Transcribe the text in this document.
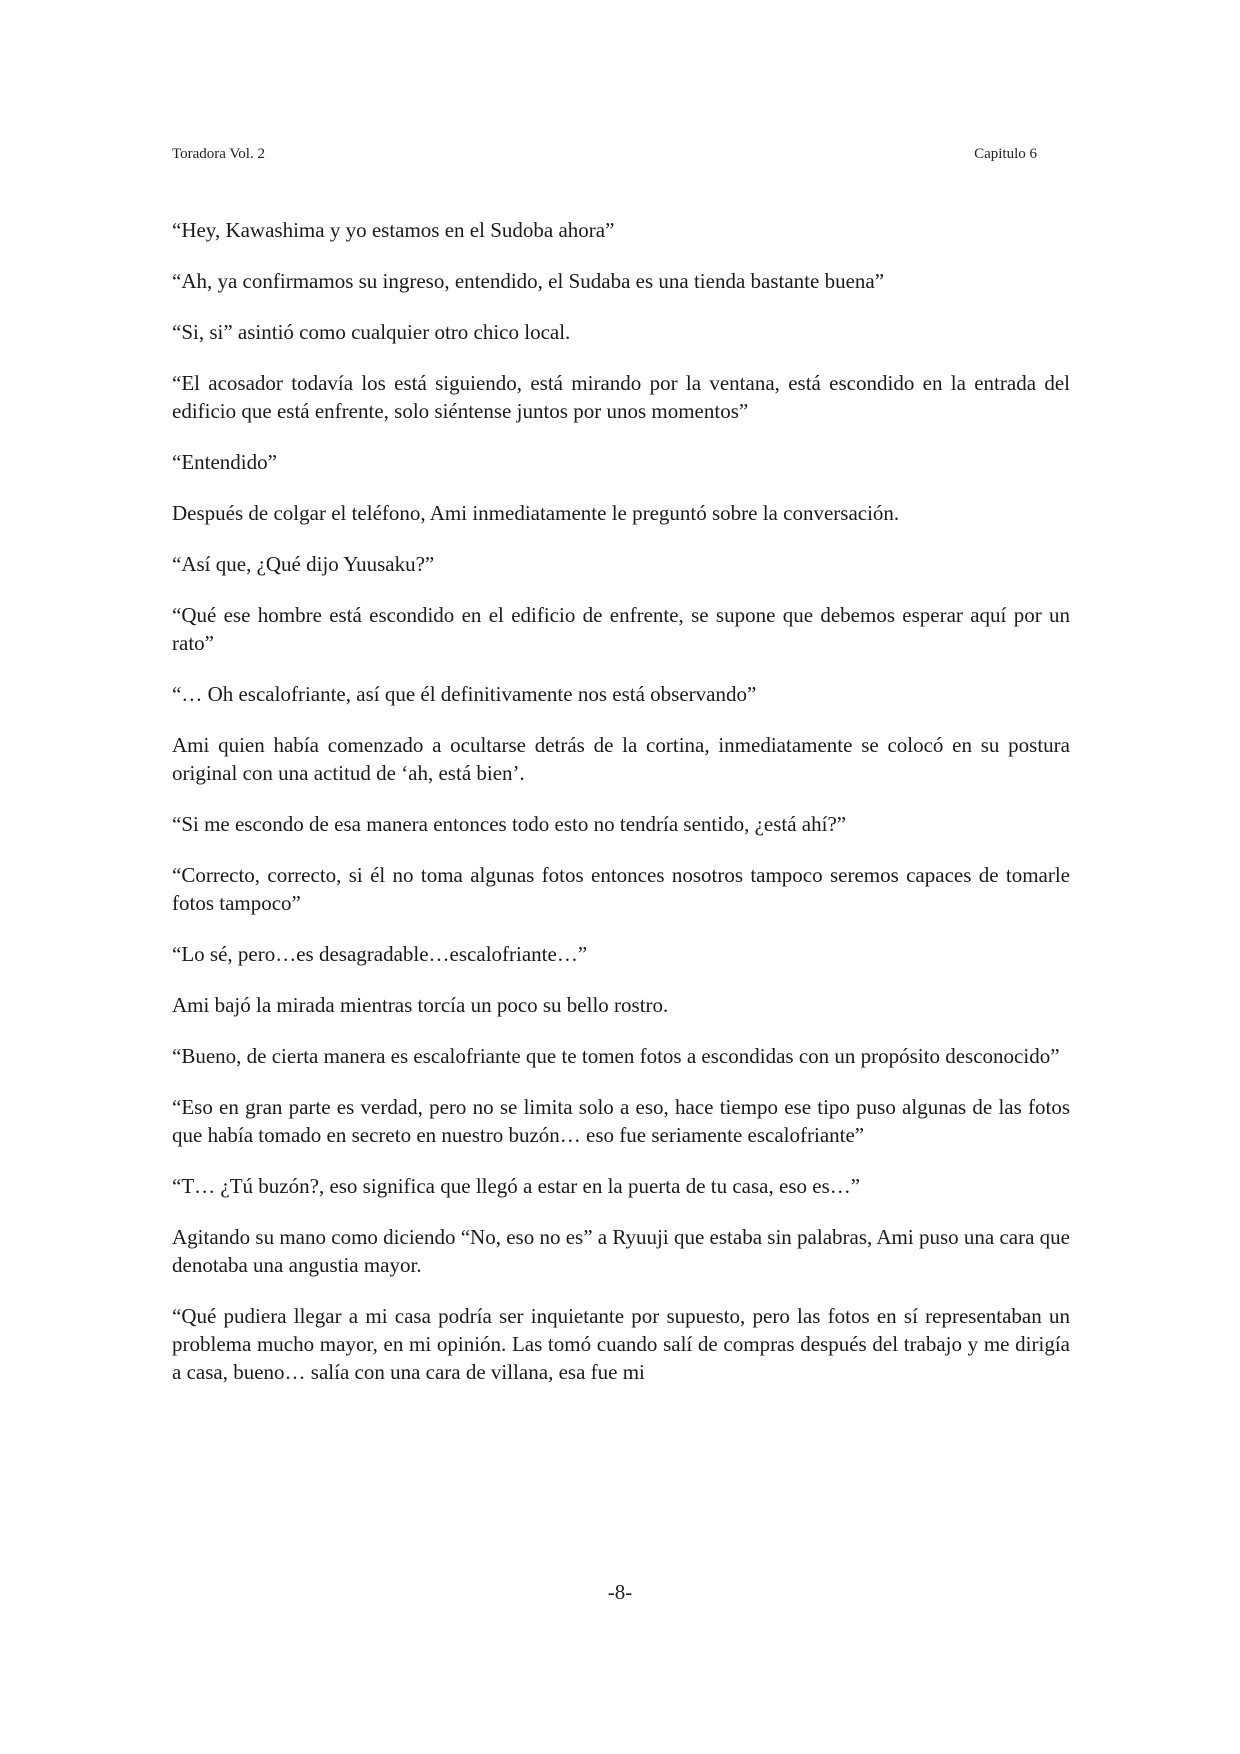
Toradora Vol. 2	Capitulo 6

“Hey, Kawashima y yo estamos en el Sudoba ahora”

“Ah, ya confirmamos su ingreso, entendido, el Sudaba es una tienda bastante buena”

“Si, si” asintió como cualquier otro chico local.

“El acosador todavía los está siguiendo, está mirando por la ventana, está escondido en la entrada del edificio que está enfrente, solo siéntense juntos por unos momentos”

“Entendido”

Después de colgar el teléfono, Ami inmediatamente le preguntó sobre la conversación.

“Así que, ¿Qué dijo Yuusaku?”

“Qué ese hombre está escondido en el edificio de enfrente, se supone que debemos esperar aquí por un rato”

“… Oh escalofriante, así que él definitivamente nos está observando”

Ami quien había comenzado a ocultarse detrás de la cortina, inmediatamente se colocó en su postura original con una actitud de ‘ah, está bien’.

“Si me escondo de esa manera entonces todo esto no tendría sentido, ¿está ahí?”

“Correcto, correcto, si él no toma algunas fotos entonces nosotros tampoco seremos capaces de tomarle fotos tampoco”

“Lo sé, pero…es desagradable…escalofriante…”

Ami bajó la mirada mientras torcía un poco su bello rostro.

“Bueno, de cierta manera es escalofriante que te tomen fotos a escondidas con un propósito desconocido”

“Eso en gran parte es verdad, pero no se limita solo a eso, hace tiempo ese tipo puso algunas de las fotos que había tomado en secreto en nuestro buzón… eso fue seriamente escalofriante”

“T… ¿Tú buzón?, eso significa que llegó a estar en la puerta de tu casa, eso es…”

Agitando su mano como diciendo “No, eso no es” a Ryuuji que estaba sin palabras, Ami puso una cara que denotaba una angustia mayor.

“Qué pudiera llegar a mi casa podría ser inquietante por supuesto, pero las fotos en sí representaban un problema mucho mayor, en mi opinión. Las tomó cuando salí de compras después del trabajo y me dirigía a casa, bueno… salía con una cara de villana, esa fue mi

-8-
